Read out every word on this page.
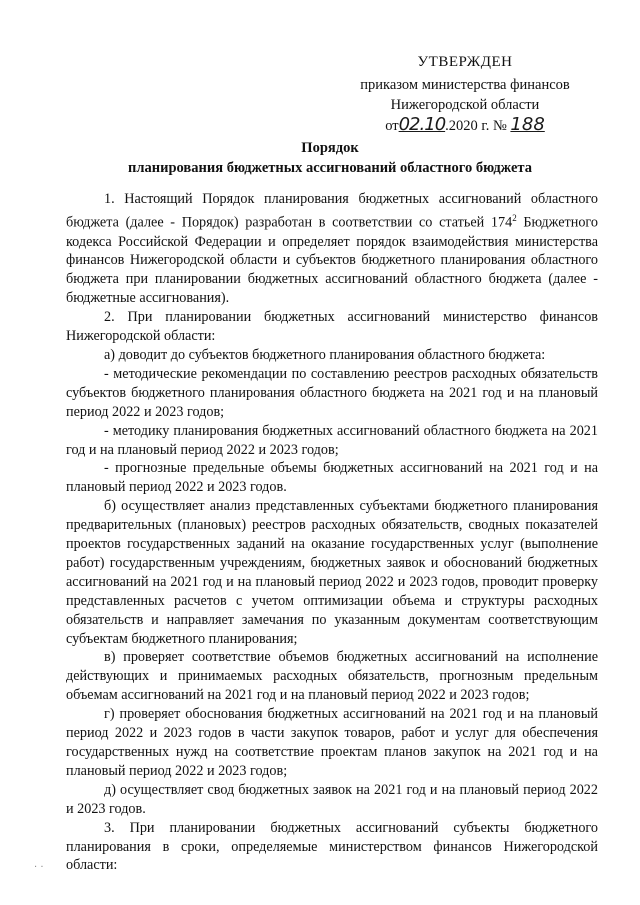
УТВЕРЖДЕН
приказом министерства финансов
Нижегородской области
от02.10.2020 г. № 188
Порядок
планирования бюджетных ассигнований областного бюджета

1. Настоящий Порядок планирования бюджетных ассигнований областного бюджета (далее - Порядок) разработан в соответствии со статьей $174^2$ Бюджетного кодекса Российской Федерации и определяет порядок взаимодействия министерства финансов Нижегородской области и субъектов бюджетного планирования областного бюджета при планировании бюджетных ассигнований областного бюджета (далее - бюджетные ассигнования).

2. При планировании бюджетных ассигнований министерство финансов Нижегородской области:

а) доводит до субъектов бюджетного планирования областного бюджета:

- методические рекомендации по составлению реестров расходных обязательств субъектов бюджетного планирования областного бюджета на 2021 год и на плановый период 2022 и 2023 годов;

- методику планирования бюджетных ассигнований областного бюджета на 2021 год и на плановый период 2022 и 2023 годов;

- прогнозные предельные объемы бюджетных ассигнований на 2021 год и на плановый период 2022 и 2023 годов.

б) осуществляет анализ представленных субъектами бюджетного планирования предварительных (плановых) реестров расходных обязательств, сводных показателей проектов государственных заданий на оказание государственных услуг (выполнение работ) государственным учреждениям, бюджетных заявок и обоснований бюджетных ассигнований на 2021 год и на плановый период 2022 и 2023 годов, проводит проверку представленных расчетов с учетом оптимизации объема и структуры расходных обязательств и направляет замечания по указанным документам соответствующим субъектам бюджетного планирования;

в) проверяет соответствие объемов бюджетных ассигнований на исполнение действующих и принимаемых расходных обязательств, прогнозным предельным объемам ассигнований на 2021 год и на плановый период 2022 и 2023 годов;

г) проверяет обоснования бюджетных ассигнований на 2021 год и на плановый период 2022 и 2023 годов в части закупок товаров, работ и услуг для обеспечения государственных нужд на соответствие проектам планов закупок на 2021 год и на плановый период 2022 и 2023 годов;

д) осуществляет свод бюджетных заявок на 2021 год и на плановый период 2022 и 2023 годов.

3. При планировании бюджетных ассигнований субъекты бюджетного планирования в сроки, определяемые министерством финансов Нижегородской области:

· ·
